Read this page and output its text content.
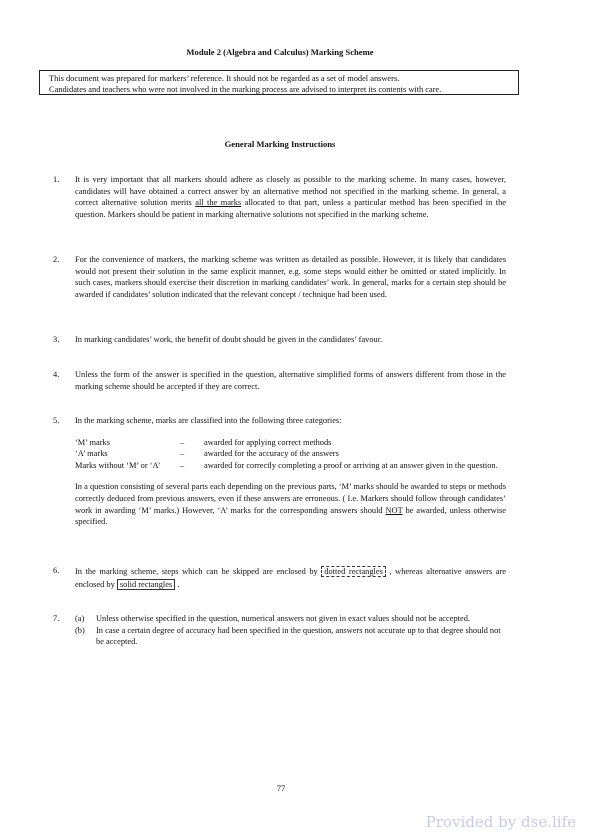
Module 2 (Algebra and Calculus) Marking Scheme
This document was prepared for markers’ reference. It should not be regarded as a set of model answers.
Candidates and teachers who were not involved in the marking process are advised to interpret its contents with care.
General Marking Instructions
1. It is very important that all markers should adhere as closely as possible to the marking scheme. In many cases, however, candidates will have obtained a correct answer by an alternative method not specified in the marking scheme. In general, a correct alternative solution merits all the marks allocated to that part, unless a particular method has been specified in the question. Markers should be patient in marking alternative solutions not specified in the marking scheme.

2. For the convenience of markers, the marking scheme was written as detailed as possible. However, it is likely that candidates would not present their solution in the same explicit manner, e.g. some steps would either be omitted or stated implicitly. In such cases, markers should exercise their discretion in marking candidates’ work. In general, marks for a certain step should be awarded if candidates’ solution indicated that the relevant concept / technique had been used.
3. In marking candidates’ work, the benefit of doubt should be given in the candidates’ favour.
4. Unless the form of the answer is specified in the question, alternative simplified forms of answers different from those in the marking scheme should be accepted if they are correct.
5. In the marking scheme, marks are classified into the following three categories:
‘M’ marks	–	awarded for applying correct methods
‘A’ marks	–	awarded for the accuracy of the answers
Marks without ‘M’ or ‘A’	–	awarded for correctly completing a proof or arriving at an answer given in the question.

In a question consisting of several parts each depending on the previous parts, ‘M’ marks should be awarded to steps or methods correctly deduced from previous answers, even if these answers are erroneous. ( I.e. Markers should follow through candidates’ work in awarding ‘M’ marks.) However, ‘A’ marks for the corresponding answers should NOT be awarded, unless otherwise specified.

6. In the marking scheme, steps which can be skipped are enclosed by dotted rectangles , whereas alternative answers are enclosed by solid rectangles .

7. (a)	Unless otherwise specified in the question, numerical answers not given in exact values should not be accepted.
(b)	In case a certain degree of accuracy had been specified in the question, answers not accurate up to that degree should not be accepted.
77
Provided by dse.life
